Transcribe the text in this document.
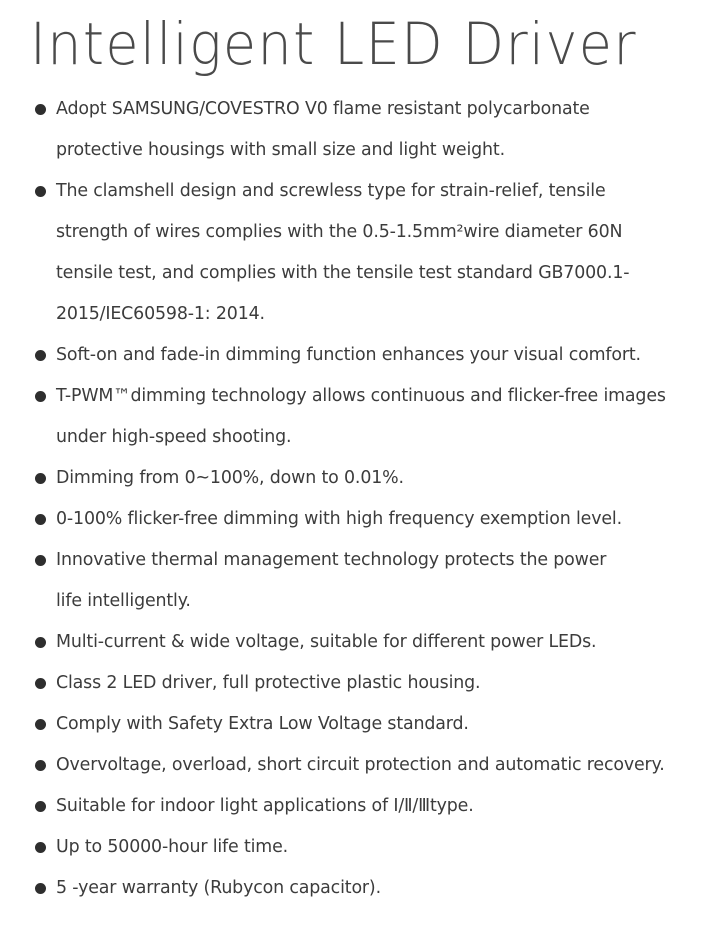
Intelligent LED Driver
Adopt SAMSUNG/COVESTRO V0 flame resistant polycarbonate
protective housings with small size and light weight.
The clamshell design and screwless type for strain-relief, tensile
strength of wires complies with the 0.5-1.5mm²wire diameter 60N
tensile test, and complies with the tensile test standard GB7000.1-
2015/IEC60598-1: 2014.
Soft-on and fade-in dimming function enhances your visual comfort.
T-PWM™dimming technology allows continuous and flicker-free images
under high-speed shooting.
Dimming from 0~100%, down to 0.01%.
0-100% flicker-free dimming with high frequency exemption level.
Innovative thermal management technology protects the power
life intelligently.
Multi-current & wide voltage, suitable for different power LEDs.
Class 2 LED driver, full protective plastic housing.
Comply with Safety Extra Low Voltage standard.
Overvoltage, overload, short circuit protection and automatic recovery.
Suitable for indoor light applications of Ⅰ/Ⅱ/Ⅲtype.
Up to 50000-hour life time.
5 -year warranty (Rubycon capacitor).
